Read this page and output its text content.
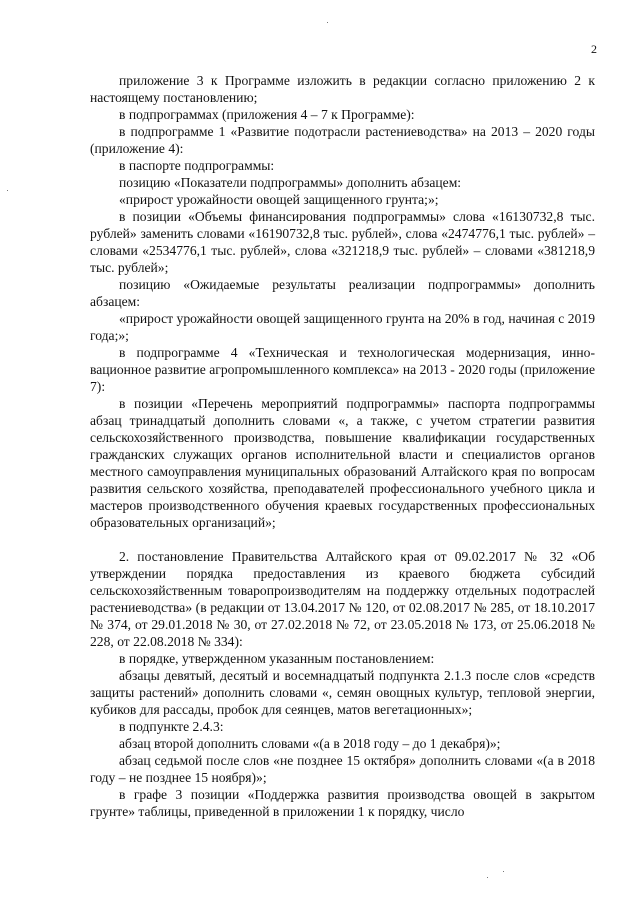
2

приложение 3 к Программе изложить в редакции согласно приложению 2 к настоящему постановлению;

в подпрограммах (приложения 4 – 7 к Программе):

в подпрограмме 1 «Развитие подотрасли растениеводства» на 2013 – 2020 годы (приложение 4):

в паспорте подпрограммы:

позицию «Показатели подпрограммы» дополнить абзацем:

«прирост урожайности овощей защищенного грунта;»;

в позиции «Объемы финансирования подпрограммы» слова «16130732,8 тыс. рублей» заменить словами «16190732,8 тыс. рублей», слова «2474776,1 тыс. рублей» – словами «2534776,1 тыс. рублей», слова «321218,9 тыс. рублей» – словами «381218,9 тыс. рублей»;

позицию «Ожидаемые результаты реализации подпрограммы» дополнить абзацем:

«прирост урожайности овощей защищенного грунта на 20% в год, начиная с 2019 года;»;

в подпрограмме 4 «Техническая и технологическая модернизация, инновационное развитие агропромышленного комплекса» на 2013 - 2020 годы (приложение 7):

в позиции «Перечень мероприятий подпрограммы» паспорта подпрограммы абзац тринадцатый дополнить словами «, а также, с учетом стратегии развития сельскохозяйственного производства, повышение квалификации государственных гражданских служащих органов исполнительной власти и специалистов органов местного самоуправления муниципальных образований Алтайского края по вопросам развития сельского хозяйства, преподавателей профессионального учебного цикла и мастеров производственного обучения краевых государственных профессиональных образовательных организаций»;

2. постановление Правительства Алтайского края от 09.02.2017 № 32 «Об утверждении порядка предоставления из краевого бюджета субсидий сельскохозяйственным товаропроизводителям на поддержку отдельных подотраслей растениеводства» (в редакции от 13.04.2017 № 120, от 02.08.2017 № 285, от 18.10.2017 № 374, от 29.01.2018 № 30, от 27.02.2018 № 72, от 23.05.2018 № 173, от 25.06.2018 № 228, от 22.08.2018 № 334):

в порядке, утвержденном указанным постановлением:

абзацы девятый, десятый и восемнадцатый подпункта 2.1.3 после слов «средств защиты растений» дополнить словами «, семян овощных культур, тепловой энергии, кубиков для рассады, пробок для сеянцев, матов вегетационных»;

в подпункте 2.4.3:

абзац второй дополнить словами «(а в 2018 году – до 1 декабря)»;

абзац седьмой после слов «не позднее 15 октября» дополнить словами «(а в 2018 году – не позднее 15 ноября)»;

в графе 3 позиции «Поддержка развития производства овощей в закрытом грунте» таблицы, приведенной в приложении 1 к порядку, число
